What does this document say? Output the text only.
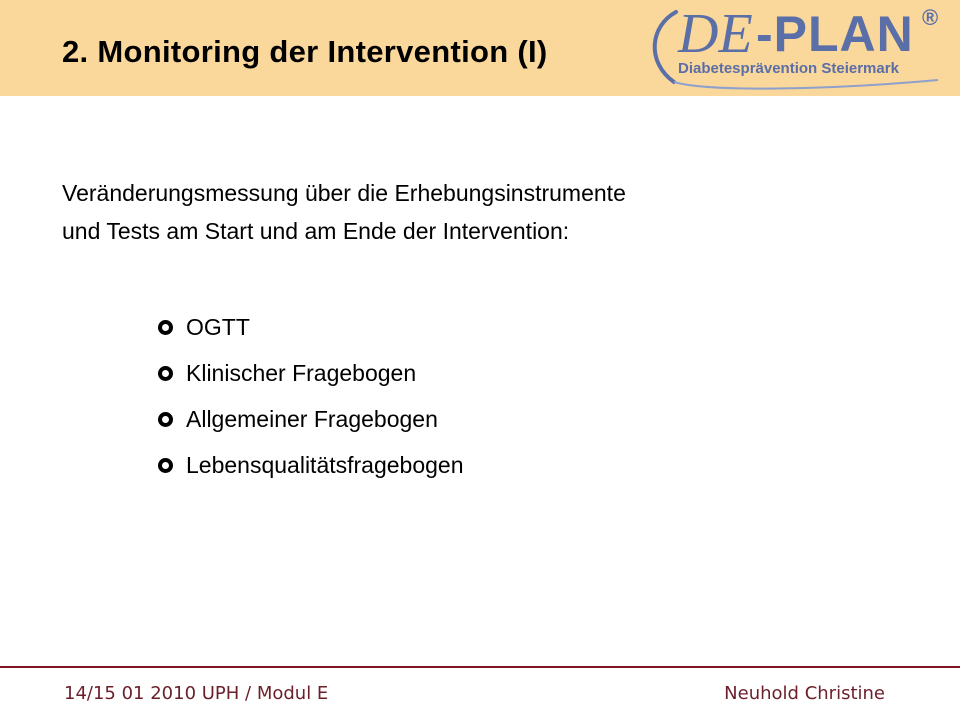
2. Monitoring der Intervention (I) DE -PLAN ®
Diabetesprävention Steiermark
Veränderungsmessung über die Erhebungsinstrumente
und Tests am Start und am Ende der Intervention:
OGTT
Klinischer Fragebogen
Allgemeiner Fragebogen
Lebensqualitätsfragebogen
14/15 01 2010 UPH / Modul E	Neuhold Christine
